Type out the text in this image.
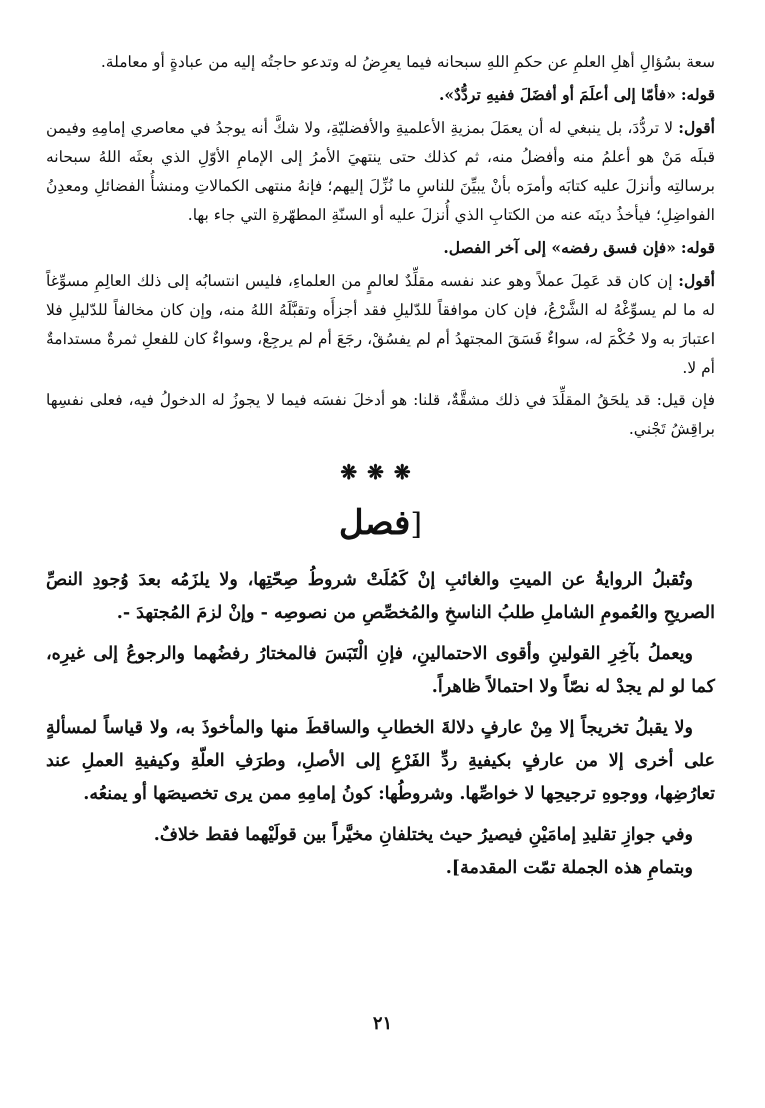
سعة بسُؤالِ أهلِ العلمِ عن حكمِ اللهِ سبحانه فيما يعرِضُ له وتدعو حاجتُه إليه من عبادةٍ أو معاملة.

قوله: «فأمّا إلى أعلَمَ أو أفضَلَ ففيهِ تردُّدٌ».

أقول: لا تردُّدَ، بل ينبغي له أن يعمَلَ بمزيةِ الأعلميةِ والأفضليّةِ، ولا شكَّ أنه يوجدُ في معاصري إمامِهِ وفيمن قبلَه مَنْ هو أعلمُ منه وأفضلُ منه، ثم كذلك حتى ينتهيَ الأمرُ إلى الإمامِ الأوّلِ الذي بعثَه اللهُ سبحانه برسالتِه وأنزلَ عليه كتابَه وأمرَه بأنْ يبيِّنَ للناسِ ما نُزِّلَ إليهم؛ فإنهُ منتهى الكمالاتِ ومنشأُ الفضائلِ ومعدِنُ الفواضِلِ؛ فيأخذُ دينَه عنه من الكتابِ الذي أُنزلَ عليه أو السنّةِ المطهّرةِ التي جاء بها.

قوله: «فإن فسق رفضه» إلى آخر الفصل.

أقول: إن كان قد عَمِلَ عملاً وهو عند نفسه مقلِّدٌ لعالمٍ من العلماءِ، فليس انتسابُه إلى ذلك العالِمِ مسوِّغاً له ما لم يسوِّغْهُ له الشَّرْعُ، فإن كان موافقاً للدّليلِ فقد أجزأَه وتقبَّلَهُ اللهُ منه، وإن كان مخالفاً للدّليلِ فلا اعتبارَ به ولا حُكْمَ له، سواءٌ فَسَقَ المجتهدُ أم لم يفسُقْ، رجَعَ أم لم يرجِعْ، وسواءٌ كان للفعلِ ثمرةٌ مستدامةٌ أم لا.

فإن قيل: قد يلحَقُ المقلِّدَ في ذلك مشقَّةٌ، قلنا: هو أدخلَ نفسَه فيما لا يجوزُ له الدخولُ فيه، فعلى نفسِها براقِشُ تَجْني.

❋❋❋
[فصل

وتُقبلُ الروايةُ عن الميتِ والغائبِ إنْ كَمُلَتْ شروطُ صِحّتِها، ولا يلزَمُه بعدَ وُجودِ النصِّ الصريحِ والعُمومِ الشاملِ طلبُ الناسخِ والمُخصِّصِ من نصوصِه - وإنْ لزمَ المُجتهدَ -.

ويعملُ بآخِرِ القولينِ وأقوى الاحتمالينِ، فإنِ الْتَبَسَ فالمختارُ رفضُهما والرجوعُ إلى غيرِه، كما لو لم يجدْ له نصّاً ولا احتمالاً ظاهراً.

ولا يقبلُ تخريجاً إلا مِنْ عارفٍ دلالةَ الخطابِ والساقطَ منها والمأخوذَ به، ولا قياساً لمسألةٍ على أخرى إلا من عارفٍ بكيفيةِ ردِّ الفَرْعِ إلى الأصلِ، وطرَفِ العلّةِ وكيفيةِ العملِ عند تعارُضِها، ووجوهِ ترجيحِها لا خواصِّها. وشروطُها: كونُ إمامِهِ ممن يرى تخصيصَها أو يمنعُه.

وفي جوازِ تقليدِ إمامَيْنِ فيصيرُ حيث يختلفانِ مخيَّراً بين قولَيْهما فقط خلافٌ.

وبتمامِ هذه الجملة تمّت المقدمة].

٢١
